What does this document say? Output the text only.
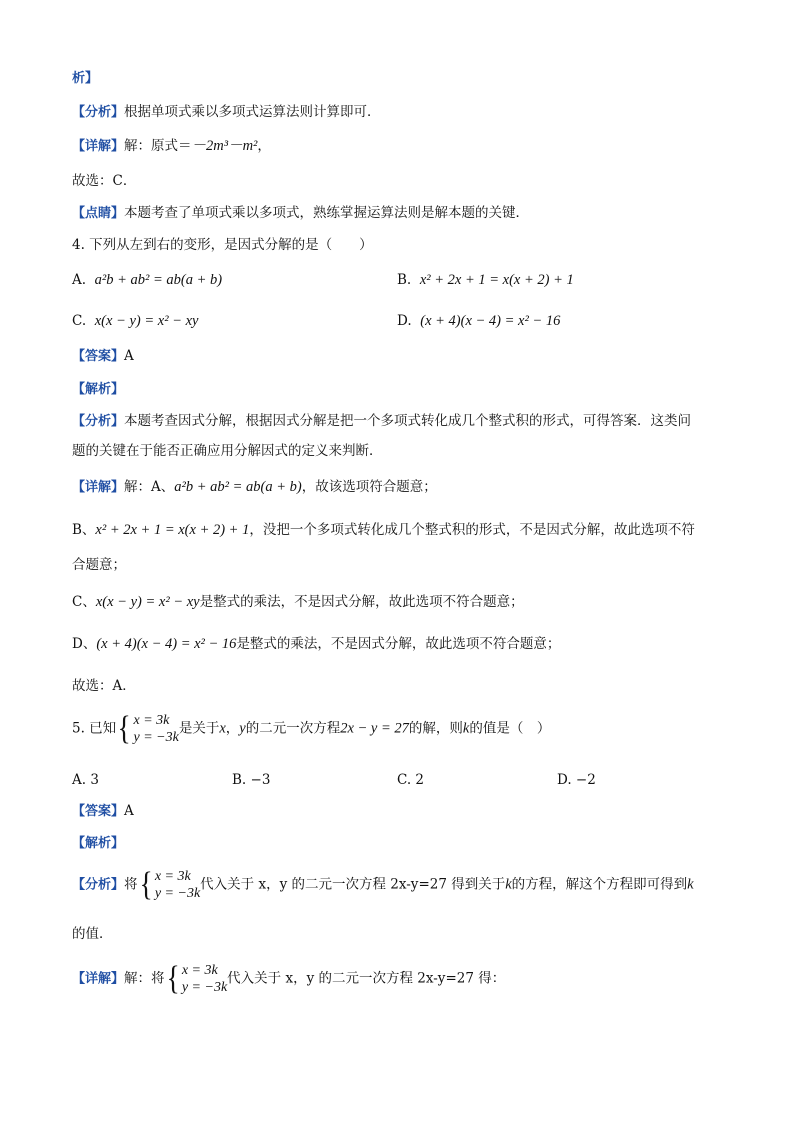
析】
【分析】根据单项式乘以多项式运算法则计算即可．
【详解】解：原式＝－2m³－m²，
故选：C．
【点睛】本题考查了单项式乘以多项式，熟练掌握运算法则是解本题的关键．
4. 下列从左到右的变形，是因式分解的是（　　）
A. a²b + ab² = ab(a + b)	B. x² + 2x + 1 = x(x + 2) + 1
C. x(x − y) = x² − xy	D. (x + 4)(x − 4) = x² − 16
【答案】A
【解析】
【分析】本题考查因式分解，根据因式分解是把一个多项式转化成几个整式积的形式，可得答案．这类问
题的关键在于能否正确应用分解因式的定义来判断．
【详解】解：A、a²b + ab² = ab(a + b)，故该选项符合题意；
B、x² + 2x + 1 = x(x + 2) + 1，没把一个多项式转化成几个整式积的形式，不是因式分解，故此选项不符
合题意；
C、x(x − y) = x² − xy是整式的乘法，不是因式分解，故此选项不符合题意；
D、(x + 4)(x − 4) = x² − 16是整式的乘法，不是因式分解，故此选项不符合题意；
故选：A．
5. 已知{ x = 3k
y = −3k是关于x，y的二元一次方程2x − y = 27的解，则k的值是（　）
A. 3	B. −3	C. 2	D. −2
【答案】A
【解析】
【分析】将{ x = 3k
y = −3k代入关于 x，y 的二元一次方程 2x-y=27 得到关于k的方程，解这个方程即可得到k
的值．
【详解】解：将{ x = 3k
y = −3k代入关于 x，y 的二元一次方程 2x-y=27 得：
